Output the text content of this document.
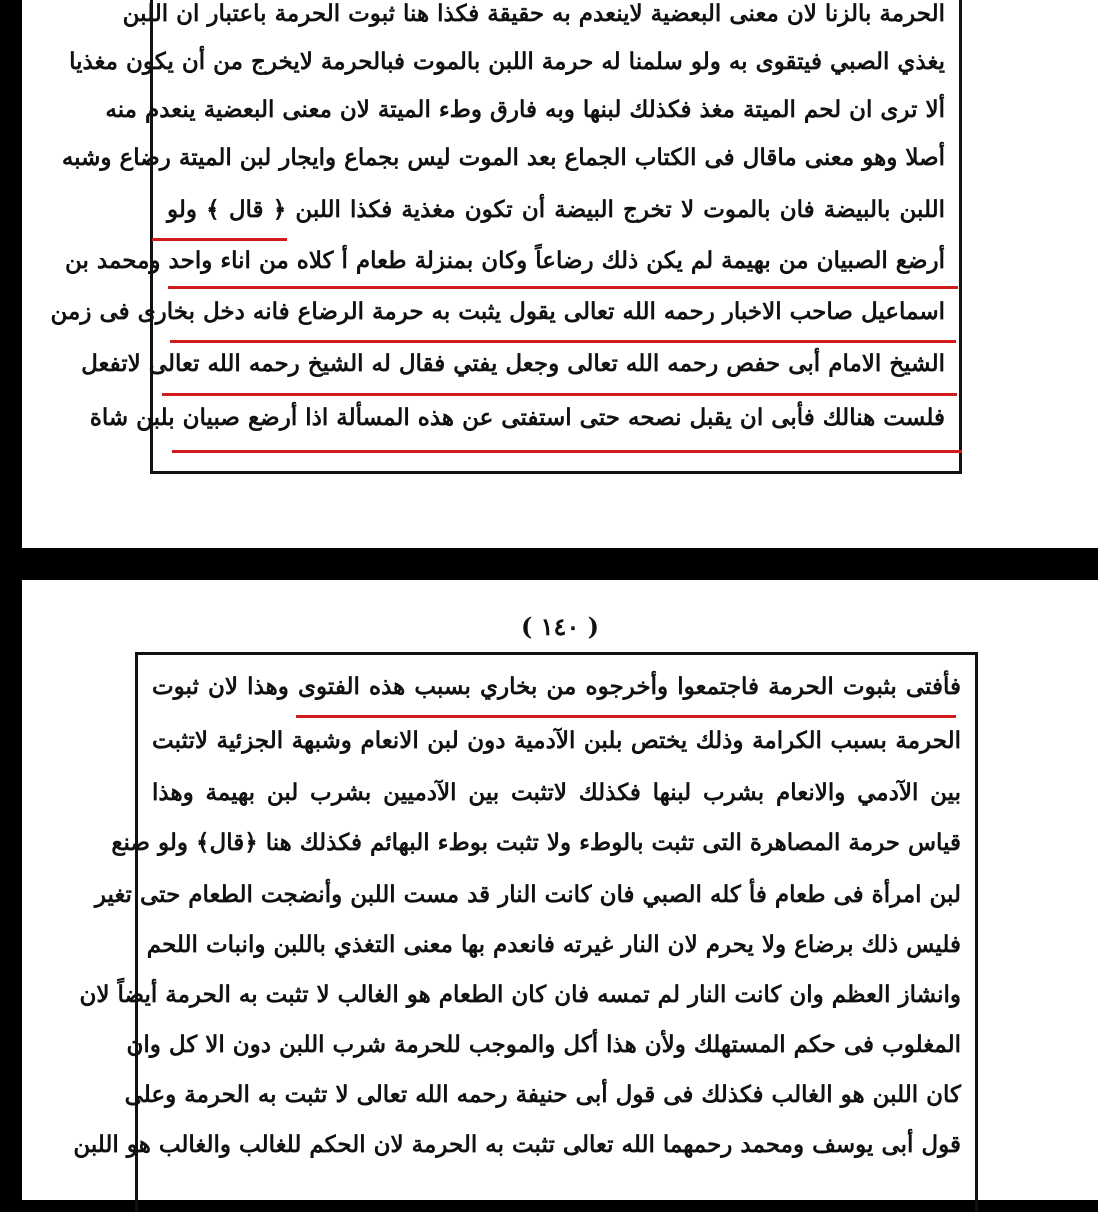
الحرمة بالزنا لان معنى البعضية لاينعدم به حقيقة فكذا هنا ثبوت الحرمة باعتبار ان اللبن
يغذي الصبي فيتقوى به ولو سلمنا له حرمة اللبن بالموت فبالحرمة لايخرج من أن يكون مغذيا
ألا ترى ان لحم الميتة مغذ فكذلك لبنها وبه فارق وطء الميتة لان معنى البعضية ينعدم منه
أصلا وهو معنى ماقال فى الكتاب الجماع بعد الموت ليس بجماع وايجار لبن الميتة رضاع وشبه
اللبن بالبيضة فان بالموت لا تخرج البيضة أن تكون مغذية فكذا اللبن ﴿ قال ﴾ ولو
أرضع الصبيان من بهيمة لم يكن ذلك رضاعاً وكان بمنزلة طعام أ كلاه من اناء واحد ومحمد بن
اسماعيل صاحب الاخبار رحمه الله تعالى يقول يثبت به حرمة الرضاع فانه دخل بخارى فى زمن
الشيخ الامام أبى حفص رحمه الله تعالى وجعل يفتي فقال له الشيخ رحمه الله تعالى لاتفعل
فلست هنالك فأبى ان يقبل نصحه حتى استفتى عن هذه المسألة اذا أرضع صبيان بلبن شاة
( ١٤٠ )
فأفتى بثبوت الحرمة فاجتمعوا وأخرجوه من بخاري بسبب هذه الفتوى وهذا لان ثبوت
الحرمة بسبب الكرامة وذلك يختص بلبن الآدمية دون لبن الانعام وشبهة الجزئية لاتثبت
بين الآدمي والانعام بشرب لبنها فكذلك لاتثبت بين الآدميين بشرب لبن بهيمة وهذا
قياس حرمة المصاهرة التى تثبت بالوطء ولا تثبت بوطء البهائم فكذلك هنا ﴿قال﴾ ولو صنع
لبن امرأة فى طعام فأ كله الصبي فان كانت النار قد مست اللبن وأنضجت الطعام حتى تغير
فليس ذلك برضاع ولا يحرم لان النار غيرته فانعدم بها معنى التغذي باللبن وانبات اللحم
وانشاز العظم وان كانت النار لم تمسه فان كان الطعام هو الغالب لا تثبت به الحرمة أيضاً لان
المغلوب فى حكم المستهلك ولأن هذا أكل والموجب للحرمة شرب اللبن دون الا كل وان
كان اللبن هو الغالب فكذلك فى قول أبى حنيفة رحمه الله تعالى لا تثبت به الحرمة وعلى
قول أبى يوسف ومحمد رحمهما الله تعالى تثبت به الحرمة لان الحكم للغالب والغالب هو اللبن
